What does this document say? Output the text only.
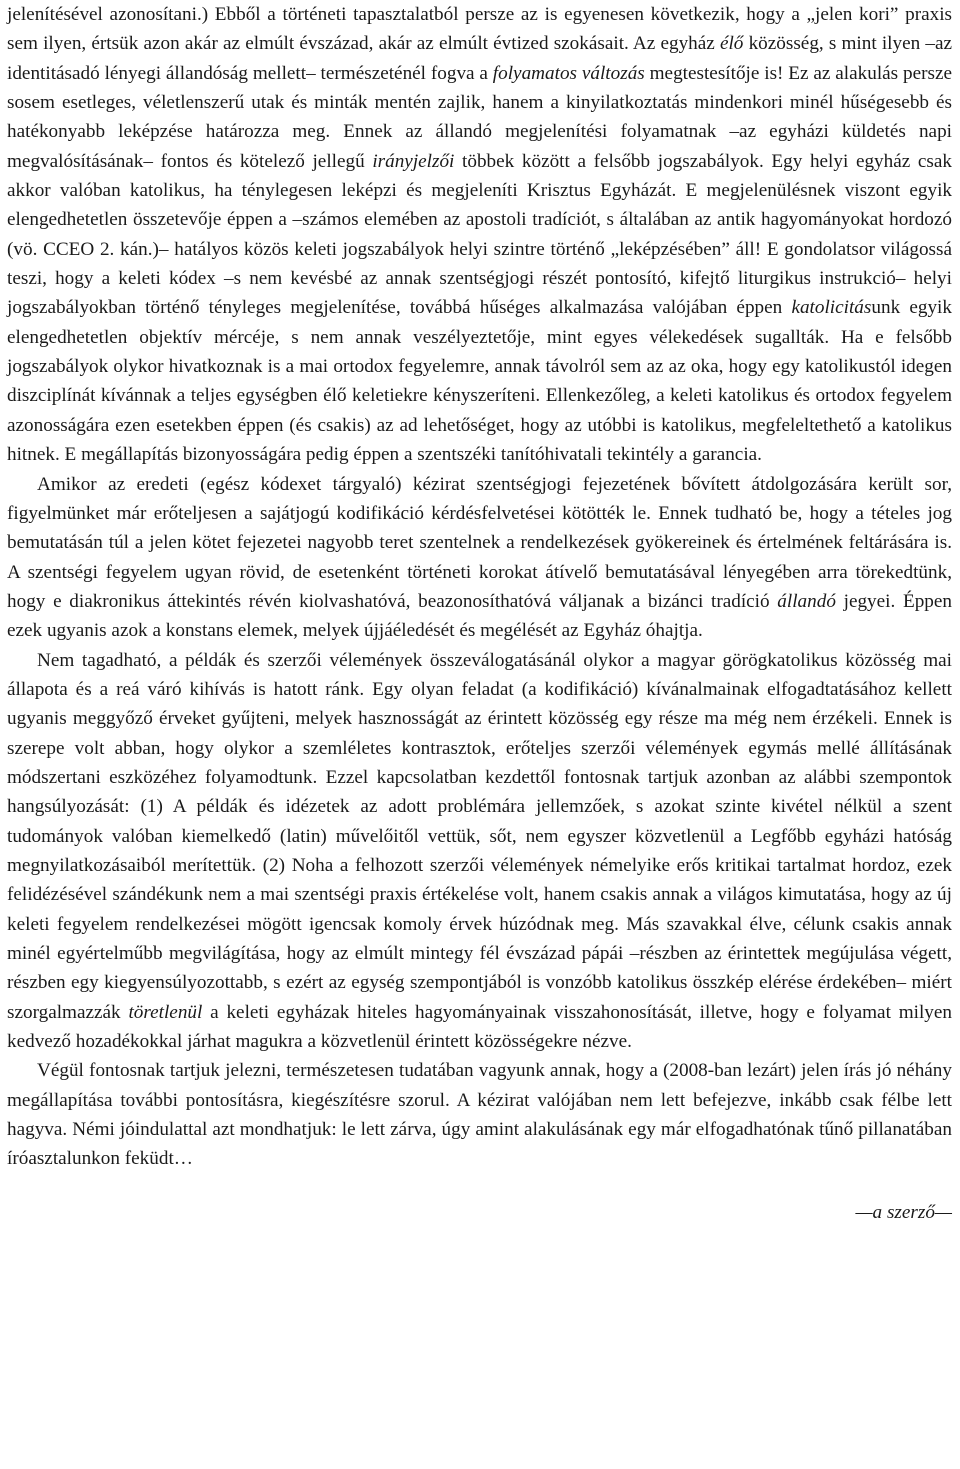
jelenítésével azonosítani.) Ebből a történeti tapasztalatból persze az is egyenesen következik, hogy a „jelen kori” praxis sem ilyen, értsük azon akár az elmúlt évszázad, akár az elmúlt évtized szokásait. Az egyház élő közösség, s mint ilyen –az identitásadó lényegi állandóság mellett– természeténél fogva a folyamatos változás megtestesítője is! Ez az alakulás persze sosem esetleges, véletlenszerű utak és minták mentén zajlik, hanem a kinyilatkoztatás mindenkori minél hűségesebb és hatékonyabb leképzése határozza meg. Ennek az állandó megjelenítési folyamatnak –az egyházi küldetés napi megvalósításának– fontos és kötelező jellegű irányjelzői többek között a felsőbb jogszabályok. Egy helyi egyház csak akkor valóban katolikus, ha ténylegesen leképzi és megjeleníti Krisztus Egyházát. E megjelenülésnek viszont egyik elengedhetetlen összetevője éppen a –számos elemében az apostoli tradíciót, s általában az antik hagyományokat hordozó (vö. CCEO 2. kán.)– hatályos közös keleti jogszabályok helyi szintre történő „leképzésében” áll! E gondolatsor világossá teszi, hogy a keleti kódex –s nem kevésbé az annak szentségjogi részét pontosító, kifejtő liturgikus instrukció– helyi jogszabályokban történő tényleges megjelenítése, továbbá hűséges alkalmazása valójában éppen katolicitásunk egyik elengedhetetlen objektív mércéje, s nem annak veszélyeztetője, mint egyes vélekedések sugallták. Ha e felsőbb jogszabályok olykor hivatkoznak is a mai ortodox fegyelemre, annak távolról sem az az oka, hogy egy katolikustól idegen diszciplínát kívánnak a teljes egységben élő keletiekre kényszeríteni. Ellenkezőleg, a keleti katolikus és ortodox fegyelem azonosságára ezen esetekben éppen (és csakis) az ad lehetőséget, hogy az utóbbi is katolikus, megfeleltethető a katolikus hitnek. E megállapítás bizonyosságára pedig éppen a szentszéki tanítóhivatali tekintély a garancia.

Amikor az eredeti (egész kódexet tárgyaló) kézirat szentségjogi fejezetének bővített átdolgozására került sor, figyelmünket már erőteljesen a sajátjogú kodifikáció kérdésfelvetései kötötték le. Ennek tudható be, hogy a tételes jog bemutatásán túl a jelen kötet fejezetei nagyobb teret szentelnek a rendelkezések gyökereinek és értelmének feltárására is. A szentségi fegyelem ugyan rövid, de esetenként történeti korokat átívelő bemutatásával lényegében arra törekedtünk, hogy e diakronikus áttekintés révén kiolvashatóvá, beazonosíthatóvá váljanak a bizánci tradíció állandó jegyei. Éppen ezek ugyanis azok a konstans elemek, melyek újjáéledését és megélését az Egyház óhajtja.

Nem tagadható, a példák és szerzői vélemények összeválogatásánál olykor a magyar görögkatolikus közösség mai állapota és a reá váró kihívás is hatott ránk. Egy olyan feladat (a kodifikáció) kívánalmainak elfogadtatásához kellett ugyanis meggyőző érveket gyűjteni, melyek hasznosságát az érintett közösség egy része ma még nem érzékeli. Ennek is szerepe volt abban, hogy olykor a szemléletes kontrasztok, erőteljes szerzői vélemények egymás mellé állításának módszertani eszközéhez folyamodtunk. Ezzel kapcsolatban kezdettől fontosnak tartjuk azonban az alábbi szempontok hangsúlyozását: (1) A példák és idézetek az adott problémára jellemzőek, s azokat szinte kivétel nélkül a szent tudományok valóban kiemelkedő (latin) művelőitől vettük, sőt, nem egyszer közvetlenül a Legfőbb egyházi hatóság megnyilatkozásaiból merítettük. (2) Noha a felhozott szerzői vélemények némelyike erős kritikai tartalmat hordoz, ezek felidézésével szándékunk nem a mai szentségi praxis értékelése volt, hanem csakis annak a világos kimutatása, hogy az új keleti fegyelem rendelkezései mögött igencsak komoly érvek húzódnak meg. Más szavakkal élve, célunk csakis annak minél egyértelműbb megvilágítása, hogy az elmúlt mintegy fél évszázad pápái –részben az érintettek megújulása végett, részben egy kiegyensúlyozottabb, s ezért az egység szempontjából is vonzóbb katolikus összkép elérése érdekében– miért szorgalmazzák töretlenül a keleti egyházak hiteles hagyományainak visszahonosítását, illetve, hogy e folyamat milyen kedvező hozadékokkal járhat magukra a közvetlenül érintett közösségekre nézve.

Végül fontosnak tartjuk jelezni, természetesen tudatában vagyunk annak, hogy a (2008-ban lezárt) jelen írás jó néhány megállapítása további pontosításra, kiegészítésre szorul. A kézirat valójában nem lett befejezve, inkább csak félbe lett hagyva. Némi jóindulattal azt mondhatjuk: le lett zárva, úgy amint alakulásának egy már elfogadhatónak tűnő pillanatában íróasztalunkon feküdt…

—a szerző—
